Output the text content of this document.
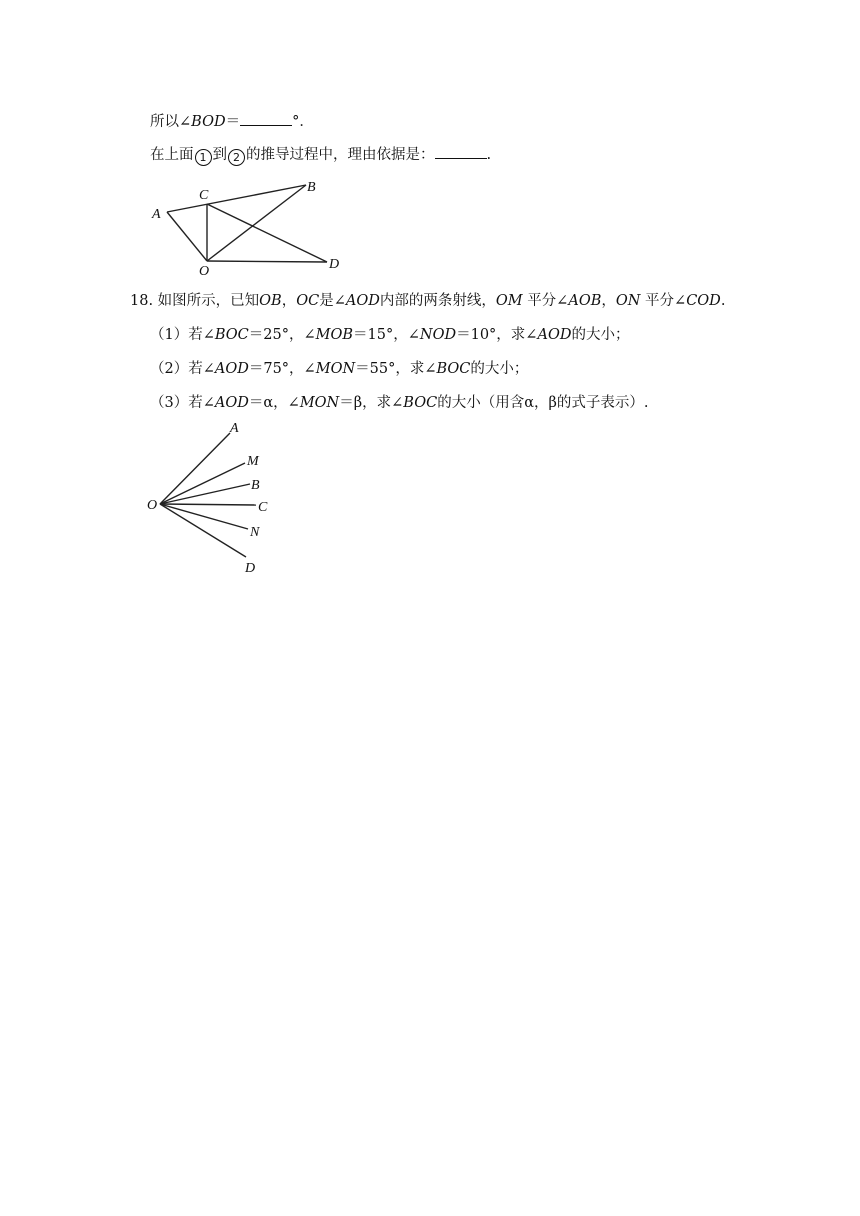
所以∠BOD＝	°．
在上面 1 到 2 的推导过程中，理由依据是：	.
A
C
B
O	D
18. 如图所示，已知OB，OC是∠AOD内部的两条射线，OM 平分∠AOB，ON 平分∠COD.
（1）若∠BOC＝25°，∠MOB＝15°，∠NOD＝10°，求∠AOD的大小；
（2）若∠AOD＝75°，∠MON＝55°，求∠BOC的大小；
（3）若∠AOD＝α，∠MON＝β，求∠BOC的大小（用含α，β的式子表示）.
A
M
B
O	C
N
D
